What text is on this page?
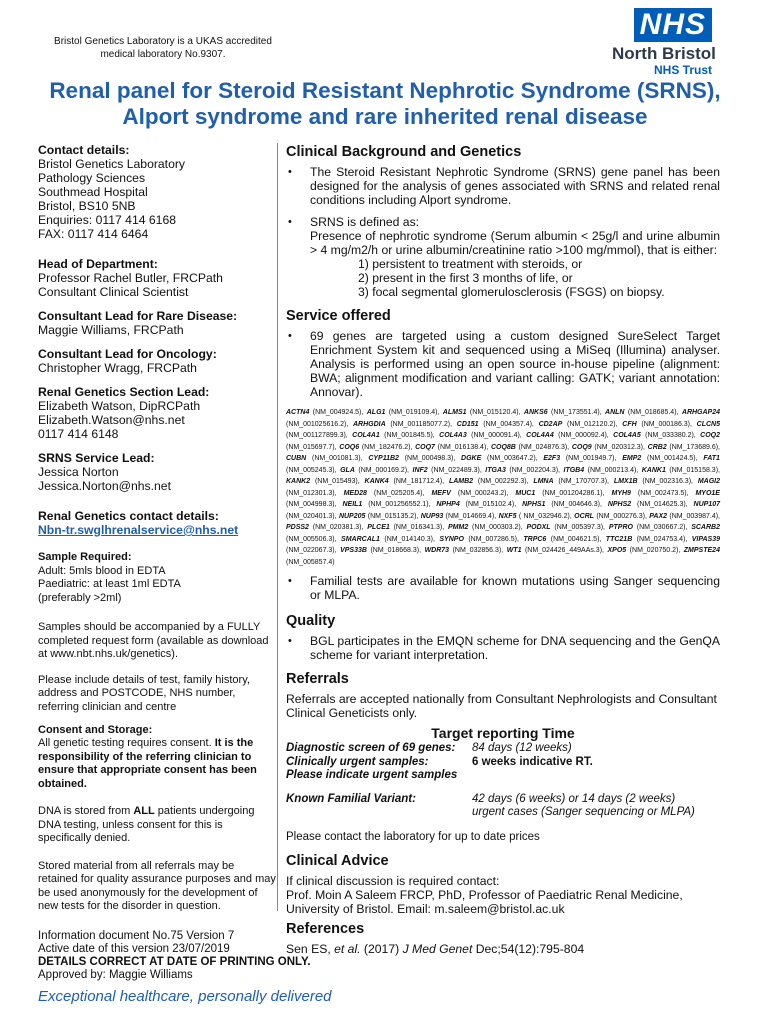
Bristol Genetics Laboratory is a UKAS accredited medical laboratory No.9307.
NHS
North Bristol
NHS Trust
Renal panel for Steroid Resistant Nephrotic Syndrome (SRNS), Alport syndrome and rare inherited renal disease
Contact details:
Bristol Genetics Laboratory
Pathology Sciences
Southmead Hospital
Bristol, BS10 5NB
Enquiries: 0117 414 6168
FAX: 0117 414 6464
Head of Department:
Professor Rachel Butler, FRCPath
Consultant Clinical Scientist
Consultant Lead for Rare Disease:
Maggie Williams, FRCPath
Consultant Lead for Oncology:
Christopher Wragg, FRCPath
Renal Genetics Section Lead:
Elizabeth Watson, DipRCPath
Elizabeth.Watson@nhs.net
0117 414 6148
SRNS Service Lead:
Jessica Norton
Jessica.Norton@nhs.net
Renal Genetics contact details:
Nbn-tr.swglhrenalservice@nhs.net
Sample Required:
Adult: 5mls blood in EDTA
Paediatric: at least 1ml EDTA
(preferably >2ml)
Samples should be accompanied by a FULLY completed request form (available as download at www.nbt.nhs.uk/genetics).
Please include details of test, family history, address and POSTCODE, NHS number, referring clinician and centre
Consent and Storage:
All genetic testing requires consent. It is the responsibility of the referring clinician to ensure that appropriate consent has been obtained.
DNA is stored from ALL patients undergoing DNA testing, unless consent for this is specifically denied.
Stored material from all referrals may be retained for quality assurance purposes and may be used anonymously for the development of new tests for the disorder in question.
Clinical Background and Genetics
• The Steroid Resistant Nephrotic Syndrome (SRNS) gene panel has been designed for the analysis of genes associated with SRNS and related renal conditions including Alport syndrome.
• SRNS is defined as:
Presence of nephrotic syndrome (Serum albumin < 25g/l and urine albumin > 4 mg/m2/h or urine albumin/creatinine ratio >100 mg/mmol), that is either:
1) persistent to treatment with steroids, or
2) present in the first 3 months of life, or
3) focal segmental glomerulosclerosis (FSGS) on biopsy.
Service offered
• 69 genes are targeted using a custom designed SureSelect Target Enrichment System kit and sequenced using a MiSeq (Illumina) analyser. Analysis is performed using an open source in-house pipeline (alignment: BWA; alignment modification and variant calling: GATK; variant annotation: Annovar).
ACTN4 (NM_004924.5), ALG1 (NM_019109.4), ALMS1 (NM_015120.4), ANKS6 (NM_173551.4), ANLN (NM_018685.4), ARHGAP24 (NM_001025616.2), ARHGDIA (NM_001185077.2), CD151 (NM_004357.4), CD2AP (NM_012120.2), CFH (NM_000186.3), CLCN5 (NM_001127899.3), COL4A1 (NM_001845.5), COL4A3 (NM_000091.4), COL4A4 (NM_000092.4), COL4A5 (NM_033380.2), COQ2 (NM_015697.7), COQ6 (NM_182476.2), COQ7 (NM_016138.4), COQ8B (NM_024876.3), COQ9 (NM_020312.3), CRB2 (NM_173689.6), CUBN (NM_001081.3), CYP11B2 (NM_000498.3), DGKE (NM_003647.2), E2F3 (NM_001949.7), EMP2 (NM_001424.5), FAT1 (NM_005245.3), GLA (NM_000169.2), INF2 (NM_022489.3), ITGA3 (NM_002204.3), ITGB4 (NM_000213.4), KANK1 (NM_015158.3), KANK2 (NM_015493), KANK4 (NM_181712.4), LAMB2 (NM_002292.3), LMNA (NM_170707.3), LMX1B (NM_002316.3), MAGI2 (NM_012301.3), MED28 (NM_025205.4), MEFV (NM_000243.2), MUC1 (NM_001204286.1), MYH9 (NM_002473.5), MYO1E (NM_004998.3), NEIL1 (NM_001256552.1), NPHP4 (NM_015102.4), NPHS1 (NM_004646.3), NPHS2 (NM_014625.3), NUP107 (NM_020401.3), NUP205 (NM_015135.2), NUP93 (NM_014669.4), NXF5 ( NM_032946.2), OCRL (NM_000276.3), PAX2 (NM_003987.4), PDSS2 (NM_020381.3), PLCE1 (NM_016341.3), PMM2 (NM_000303.2), PODXL (NM_005397.3), PTPRO (NM_030667.2), SCARB2 (NM_005506.3), SMARCAL1 (NM_014140.3), SYNPO (NM_007286.5), TRPC6 (NM_004621.5), TTC21B (NM_024753.4), VIPAS39 (NM_022067.3), VPS33B (NM_018668.3), WDR73 (NM_032856.3), WT1 (NM_024426_449AAs.3), XPO5 (NM_020750.2), ZMPSTE24 (NM_005857.4)
• Familial tests are available for known mutations using Sanger sequencing or MLPA.
Quality
• BGL participates in the EMQN scheme for DNA sequencing and the GenQA scheme for variant interpretation.
Referrals
Referrals are accepted nationally from Consultant Nephrologists and Consultant Clinical Geneticists only.
Target reporting Time
Diagnostic screen of 69 genes:	84 days (12 weeks)
Clinically urgent samples:	6 weeks indicative RT.
Please indicate urgent samples
Known Familial Variant:	42 days (6 weeks) or 14 days (2 weeks)
urgent cases (Sanger sequencing or MLPA)
Please contact the laboratory for up to date prices
Clinical Advice
If clinical discussion is required contact:
Prof. Moin A Saleem FRCP, PhD, Professor of Paediatric Renal Medicine,
University of Bristol. Email: m.saleem@bristol.ac.uk
References
Sen ES, et al. (2017) J Med Genet Dec;54(12):795-804
Information document No.75 Version 7
Active date of this version 23/07/2019
DETAILS CORRECT AT DATE OF PRINTING ONLY.
Approved by: Maggie Williams
Exceptional healthcare, personally delivered
